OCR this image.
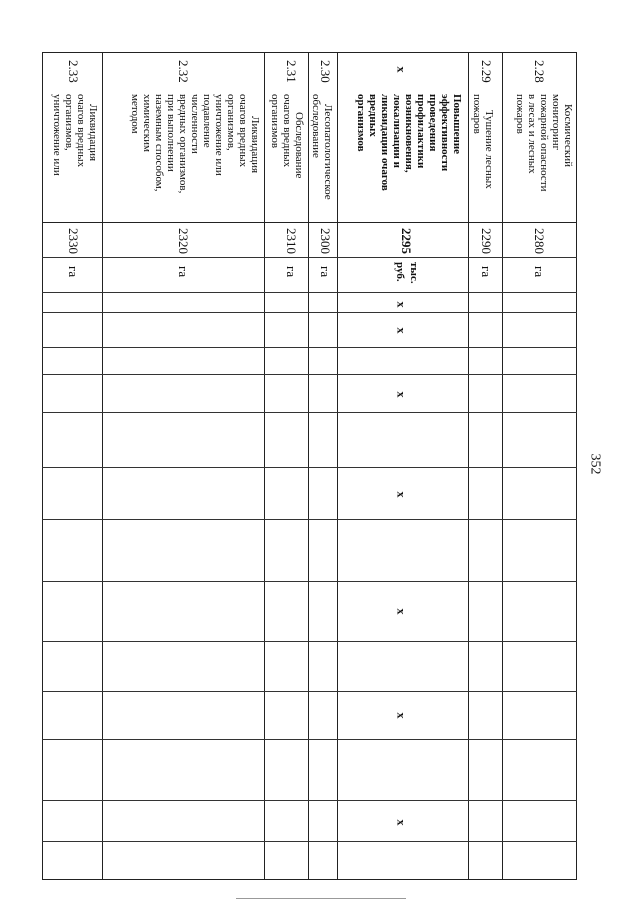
352
2.28
Космический
мониторинг
пожарной опасности
в лесах и лесных
пожаров
2280
га
2.29
Тушение лесных
пожаров
2290
га
x
Повышение
эффективности
проведения
профилактики
возникновения,
локализации и
ликвидации очагов
вредных
организмов
2295
тыс.
руб.
x
x
x
x
x
x
x
2.30
Лесопатологическое
обследование
2300
га
2.31
Обследование
очагов вредных
организмов
2310
га
2.32
Ликвидация
очагов вредных
организмов,
уничтожение или
подавление
численности
вредных организмов,
при выполнении
наземным способом,
химическим
методом
2320
га
2.33
Ликвидация
очагов вредных
организмов,
уничтожение или
2330
га
